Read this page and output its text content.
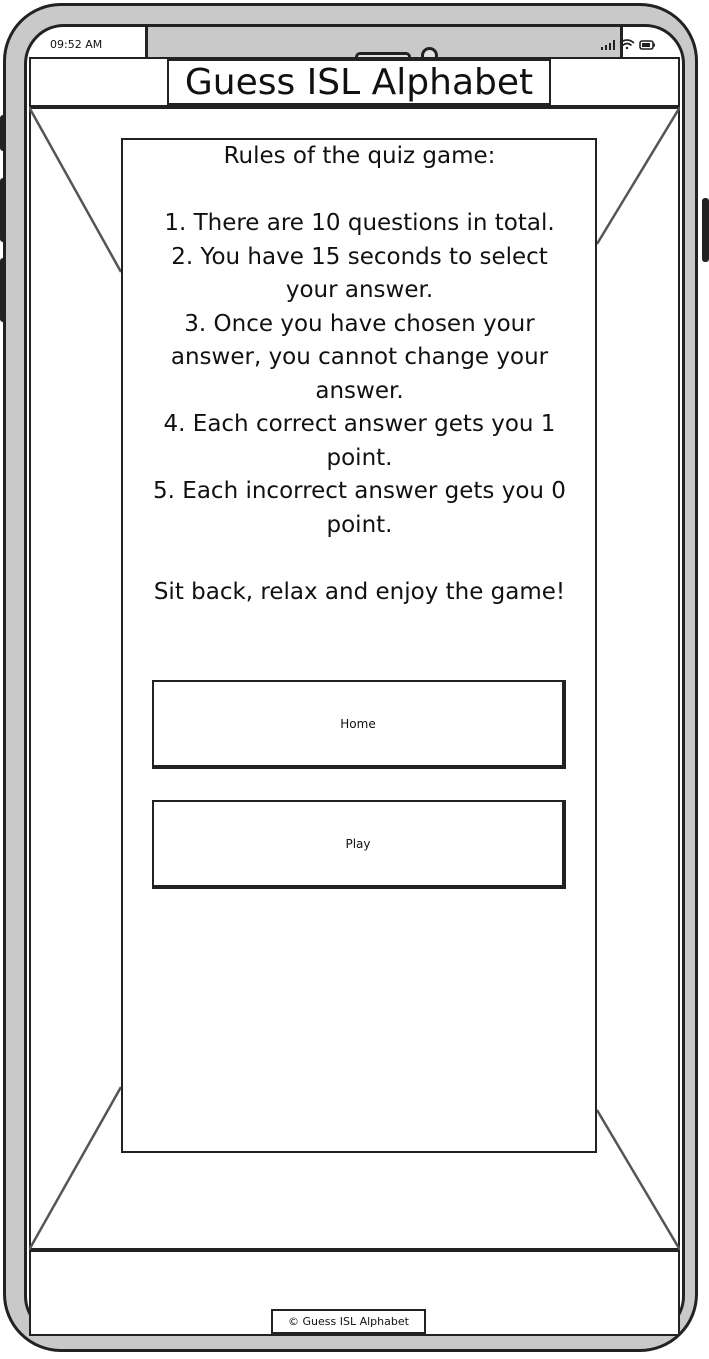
09:52 AM
Guess ISL Alphabet
Rules of the quiz game:
1. There are 10 questions in total.
2. You have 15 seconds to select
your answer.
3. Once you have chosen your
answer, you cannot change your
answer.
4. Each correct answer gets you 1
point.
5. Each incorrect answer gets you 0
point.
Sit back, relax and enjoy the game!
Home
Play
© Guess ISL Alphabet
